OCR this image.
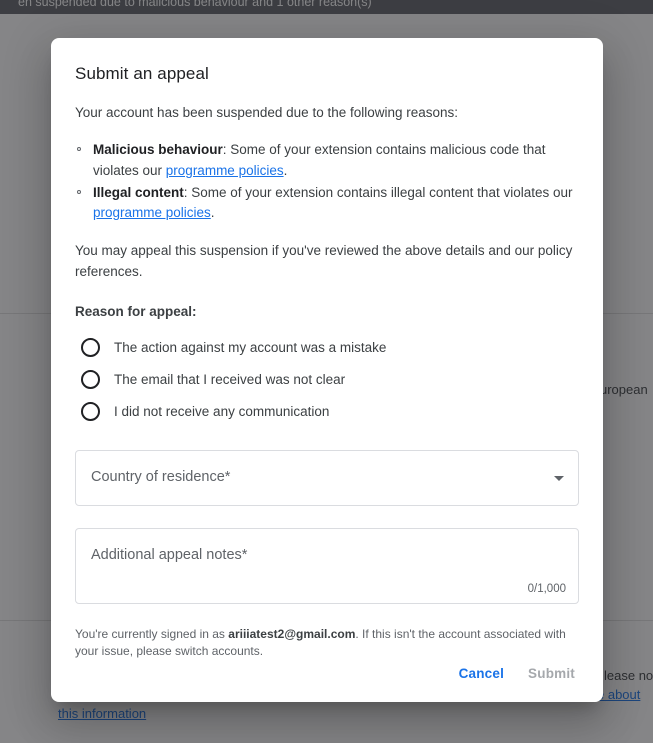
Submit an appeal
Your account has been suspended due to the following reasons:
Malicious behaviour: Some of your extension contains malicious code that violates our programme policies.
Illegal content: Some of your extension contains illegal content that violates our programme policies.
You may appeal this suspension if you've reviewed the above details and our policy references.
Reason for appeal:
The action against my account was a mistake
The email that I received was not clear
I did not receive any communication
Country of residence*
Additional appeal notes*
0/1,000
You're currently signed in as ariiiatest2@gmail.com. If this isn't the account associated with your issue, please switch accounts.
Cancel	Submit
